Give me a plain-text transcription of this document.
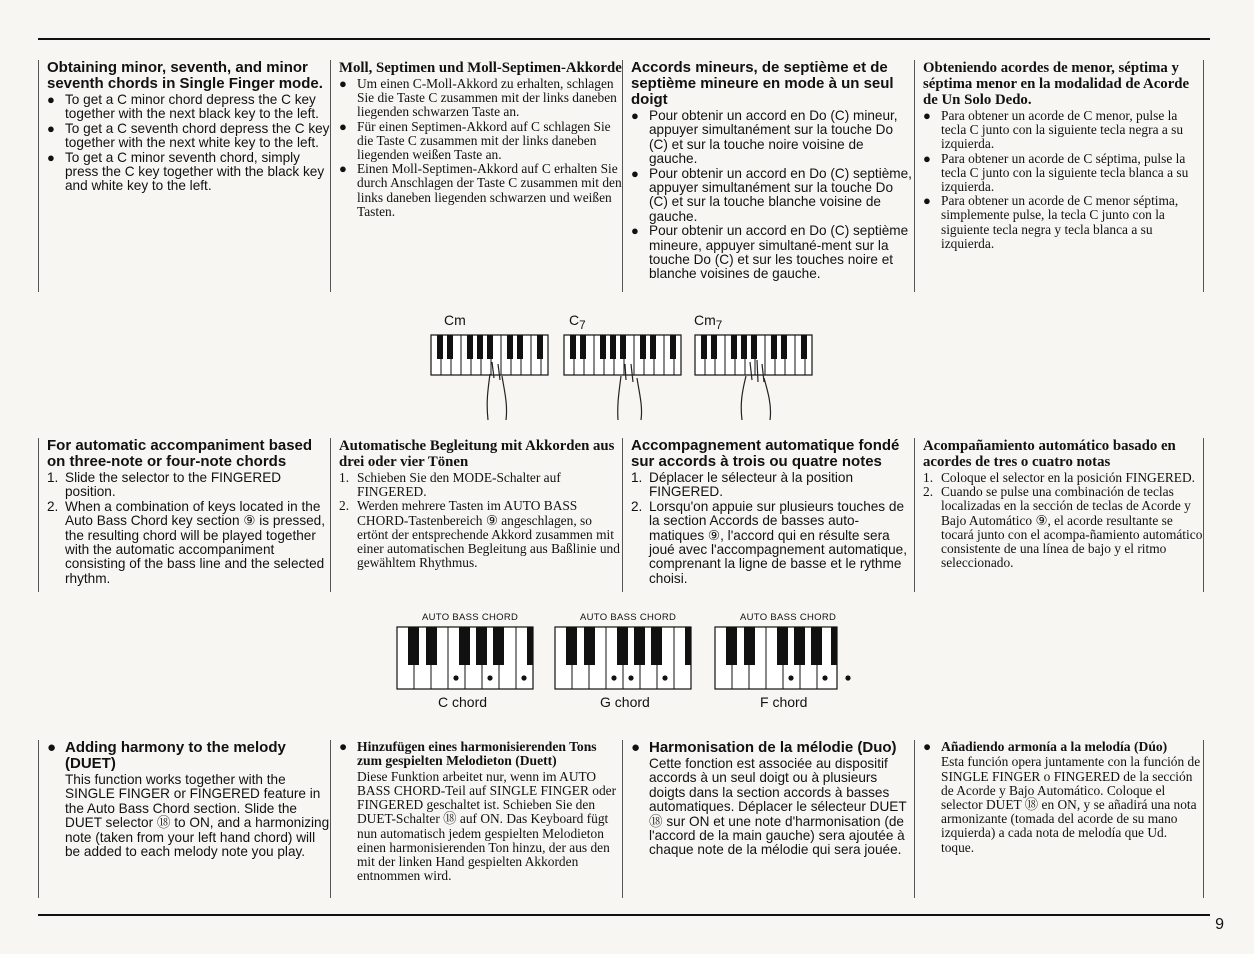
Obtaining minor, seventh, and minor seventh chords in Single Finger mode.
● To get a C minor chord depress the C key together with the next black key to the left.
● To get a C seventh chord depress the C key together with the next white key to the left.
● To get a C minor seventh chord, simply press the C key together with the black key and white key to the left.
Moll, Septimen und Moll-Septimen-Akkorde
● Um einen C-Moll-Akkord zu erhalten, schlagen Sie die Taste C zusammen mit der links daneben liegenden schwarzen Taste an.
● Für einen Septimen-Akkord auf C schlagen Sie die Taste C zusammen mit der links daneben liegenden weißen Taste an.
● Einen Moll-Septimen-Akkord auf C erhalten Sie durch Anschlagen der Taste C zusammen mit den links daneben liegenden schwarzen und weißen Tasten.
Accords mineurs, de septième et de septième mineure en mode à un seul doigt
● Pour obtenir un accord en Do (C) mineur, appuyer simultanément sur la touche Do (C) et sur la touche noire voisine de gauche.
● Pour obtenir un accord en Do (C) septième, appuyer simultanément sur la touche Do (C) et sur la touche blanche voisine de gauche.
● Pour obtenir un accord en Do (C) septième mineure, appuyer simultané-ment sur la touche Do (C) et sur les touches noire et blanche voisines de gauche.
Obteniendo acordes de menor, séptima y séptima menor en la modalidad de Acorde de Un Solo Dedo.
● Para obtener un acorde de C menor, pulse la tecla C junto con la siguiente tecla negra a su izquierda.
● Para obtener un acorde de C séptima, pulse la tecla C junto con la siguiente tecla blanca a su izquierda.
● Para obtener un acorde de C menor séptima, simplemente pulse, la tecla C junto con la siguiente tecla negra y tecla blanca a su izquierda.
Cm	$C_7$	$Cm_7$
For automatic accompaniment based on three-note or four-note chords
1. Slide the selector to the FINGERED position.
2. When a combination of keys located in the Auto Bass Chord key section ⑨ is pressed, the resulting chord will be played together with the automatic accompaniment consisting of the bass line and the selected rhythm.
Automatische Begleitung mit Akkorden aus drei oder vier Tönen
1. Schieben Sie den MODE-Schalter auf FINGERED.
2. Werden mehrere Tasten im AUTO BASS CHORD-Tastenbereich ⑨ angeschlagen, so ertönt der entsprechende Akkord zusammen mit einer automatischen Begleitung aus Baßlinie und gewähltem Rhythmus.
Accompagnement automatique fondé sur accords à trois ou quatre notes
1. Déplacer le sélecteur à la position FINGERED.
2. Lorsqu'on appuie sur plusieurs touches de la section Accords de basses auto-matiques ⑨, l'accord qui en résulte sera joué avec l'accompagnement automatique, comprenant la ligne de basse et le rythme choisi.
Acompañamiento automático basado en acordes de tres o cuatro notas
1. Coloque el selector en la posición FINGERED.
2. Cuando se pulse una combinación de teclas localizadas en la sección de teclas de Acorde y Bajo Automático ⑨, el acorde resultante se tocará junto con el acompa-ñamiento automático consistente de una línea de bajo y el ritmo seleccionado.
AUTO BASS CHORD
C chord
AUTO BASS CHORD
G chord
AUTO BASS CHORD
F chord
● Adding harmony to the melody (DUET)
This function works together with the SINGLE FINGER or FINGERED feature in the Auto Bass Chord section. Slide the DUET selector ⑱ to ON, and a harmonizing note (taken from your left hand chord) will be added to each melody note you play.
● Hinzufügen eines harmonisierenden Tons zum gespielten Melodieton (Duett)
Diese Funktion arbeitet nur, wenn im AUTO BASS CHORD-Teil auf SINGLE FINGER oder FINGERED geschaltet ist. Schieben Sie den DUET-Schalter ⑱ auf ON. Das Keyboard fügt nun automatisch jedem gespielten Melodieton einen harmonisierenden Ton hinzu, der aus den mit der linken Hand gespielten Akkorden entnommen wird.
● Harmonisation de la mélodie (Duo)
Cette fonction est associée au dispositif accords à un seul doigt ou à plusieurs doigts dans la section accords à basses automatiques. Déplacer le sélecteur DUET ⑱ sur ON et une note d'harmonisation (de l'accord de la main gauche) sera ajoutée à chaque note de la mélodie qui sera jouée.
● Añadiendo armonía a la melodía (Dúo)
Esta función opera juntamente con la función de SINGLE FINGER o FINGERED de la sección de Acorde y Bajo Automático. Coloque el selector DUET ⑱ en ON, y se añadirá una nota armonizante (tomada del acorde de su mano izquierda) a cada nota de melodía que Ud. toque.
9
